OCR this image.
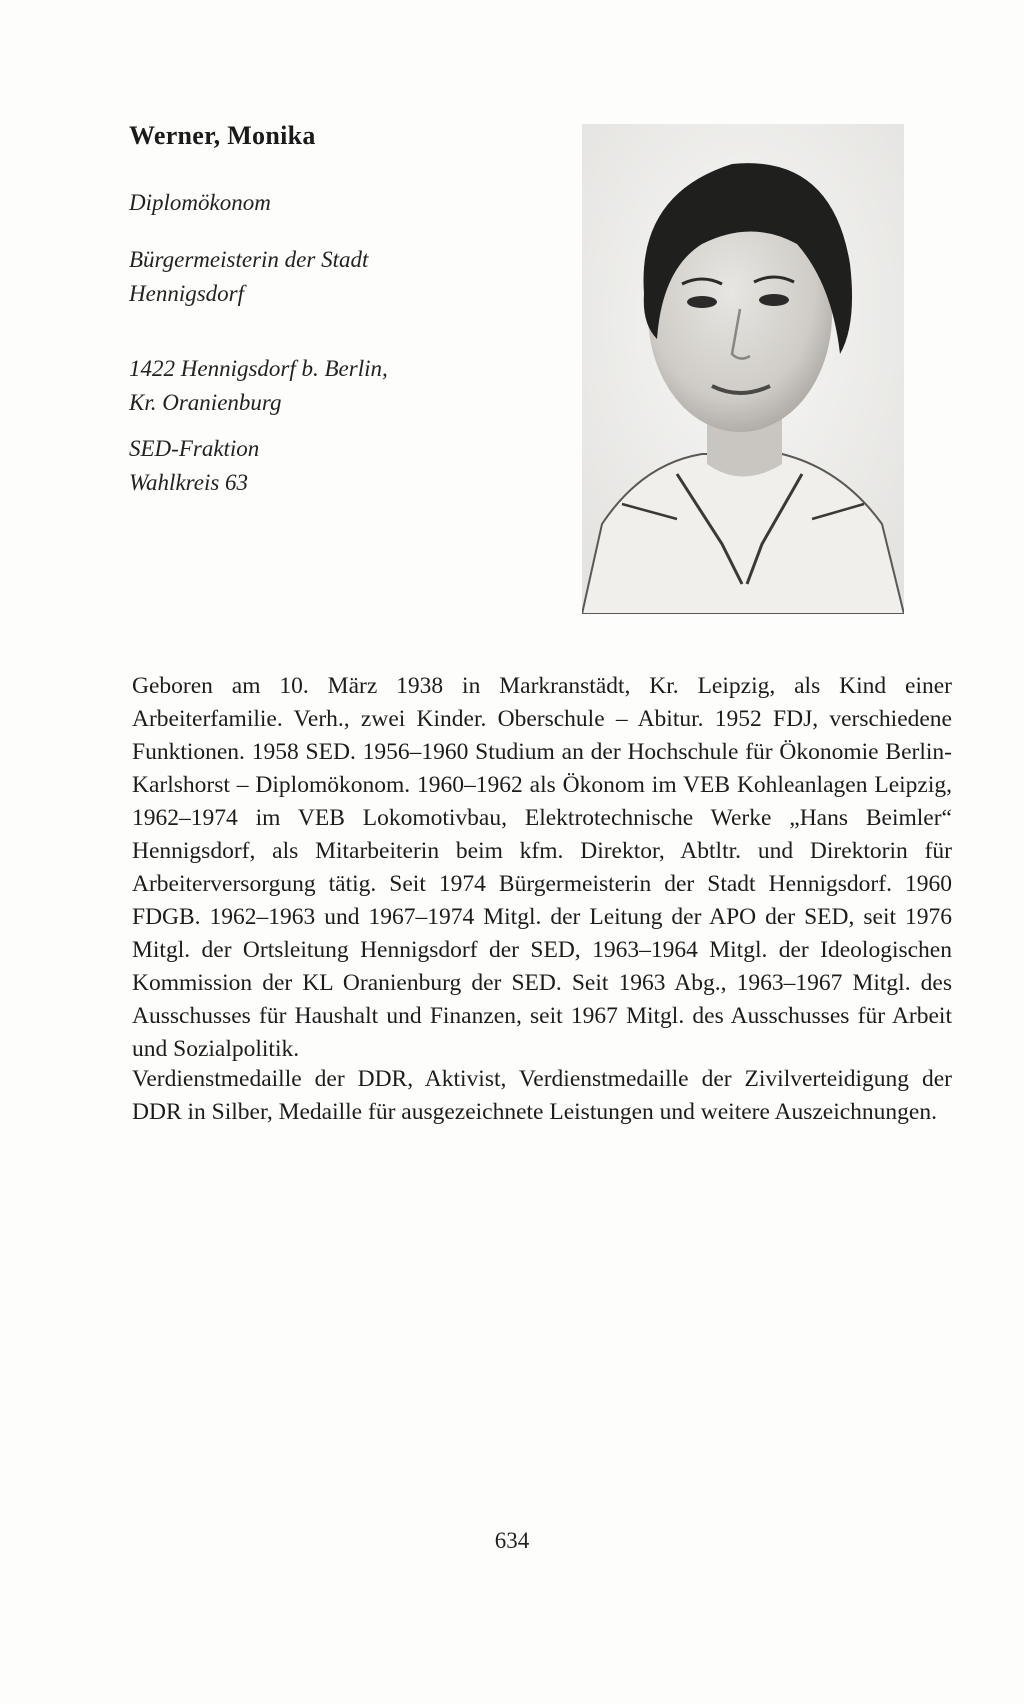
Werner, Monika

Diplomökonom

Bürgermeisterin der Stadt
Hennigsdorf

1422 Hennigsdorf b. Berlin,
Kr. Oranienburg

SED-Fraktion
Wahlkreis 63

Geboren am 10. März 1938 in Markranstädt, Kr. Leipzig, als Kind einer Arbeiterfamilie. Verh., zwei Kinder. Oberschule – Abitur. 1952 FDJ, verschiedene Funktionen. 1958 SED. 1956–1960 Studium an der Hochschule für Ökonomie Berlin-Karlshorst – Diplomökonom. 1960–1962 als Ökonom im VEB Kohleanlagen Leipzig, 1962–1974 im VEB Lokomotivbau, Elektrotechnische Werke „Hans Beimler“ Hennigsdorf, als Mitarbeiterin beim kfm. Direktor, Abtltr. und Direktorin für Arbeiterversorgung tätig. Seit 1974 Bürgermeisterin der Stadt Hennigsdorf. 1960 FDGB. 1962–1963 und 1967–1974 Mitgl. der Leitung der APO der SED, seit 1976 Mitgl. der Ortsleitung Hennigsdorf der SED, 1963–1964 Mitgl. der Ideologischen Kommission der KL Oranienburg der SED. Seit 1963 Abg., 1963–1967 Mitgl. des Ausschusses für Haushalt und Finanzen, seit 1967 Mitgl. des Ausschusses für Arbeit und Sozialpolitik.

Verdienstmedaille der DDR, Aktivist, Verdienstmedaille der Zivilverteidigung der DDR in Silber, Medaille für ausgezeichnete Leistungen und weitere Auszeichnungen.

634
